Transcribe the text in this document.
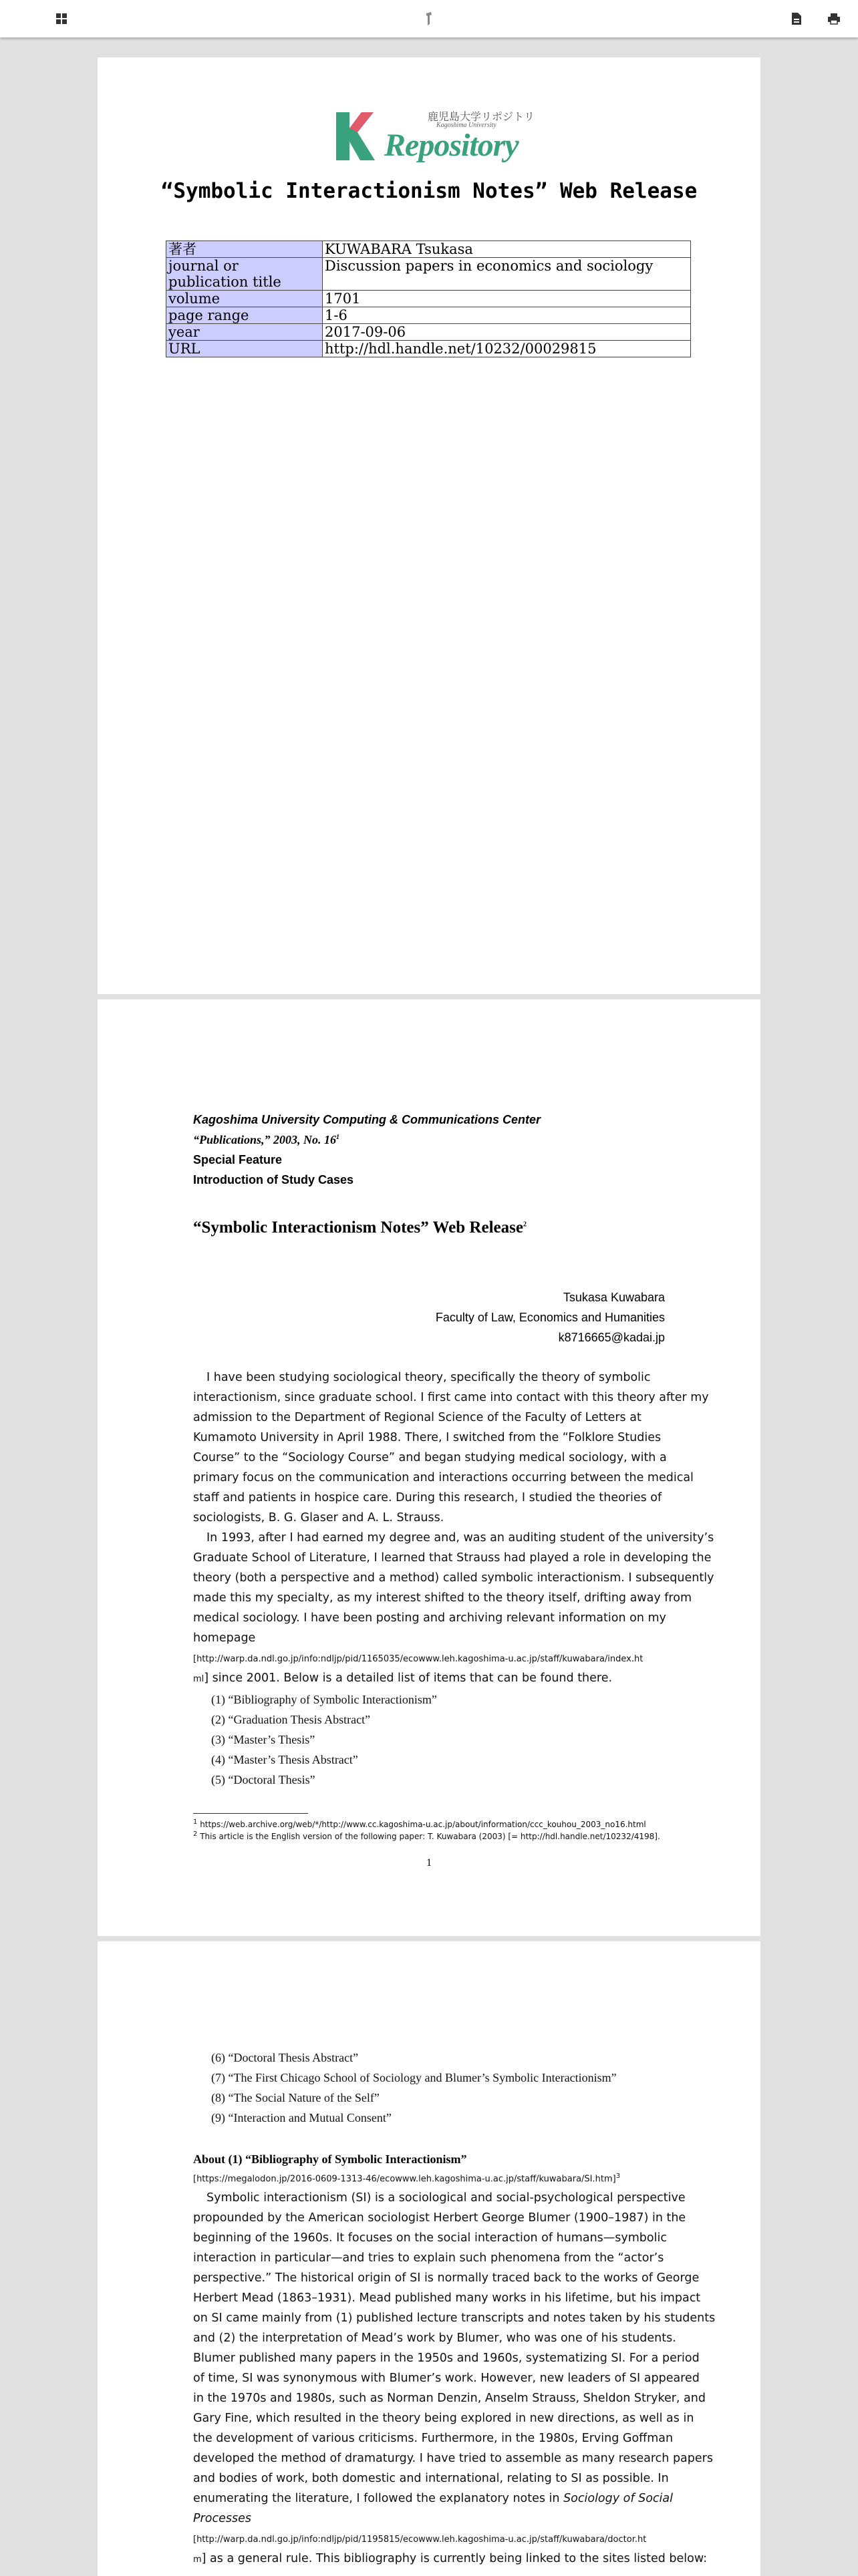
鹿児島大学リポジトリ
Kagoshima University
Repository
“Symbolic Interactionism Notes” Web Release
著者	KUWABARA Tsukasa
journal or publication title	Discussion papers in economics and sociology
volume	1701
page range	1-6
year	2017-09-06
URL	http://hdl.handle.net/10232/00029815
Kagoshima University Computing & Communications Center
“Publications,” 2003, No. $16^1$
Special Feature
Introduction of Study Cases
“Symbolic Interactionism Notes” Web Release$^2$
Tsukasa Kuwabara
Faculty of Law, Economics and Humanities
k8716665@kadai.jp
I have been studying sociological theory, specifically the theory of symbolic
interactionism, since graduate school. I first came into contact with this theory after my
admission to the Department of Regional Science of the Faculty of Letters at
Kumamoto University in April 1988. There, I switched from the “Folklore Studies
Course” to the “Sociology Course” and began studying medical sociology, with a
primary focus on the communication and interactions occurring between the medical
staff and patients in hospice care. During this research, I studied the theories of
sociologists, B. G. Glaser and A. L. Strauss.
In 1993, after I had earned my degree and, was an auditing student of the university’s
Graduate School of Literature, I learned that Strauss had played a role in developing the
theory (both a perspective and a method) called symbolic interactionism. I subsequently
made this my specialty, as my interest shifted to the theory itself, drifting away from
medical sociology. I have been posting and archiving relevant information on my
homepage
[http://warp.da.ndl.go.jp/info:ndljp/pid/1165035/ecowww.leh.kagoshima-u.ac.jp/staff/kuwabara/index.ht
ml] since 2001. Below is a detailed list of items that can be found there.
(1) “Bibliography of Symbolic Interactionism”
(2) “Graduation Thesis Abstract”
(3) “Master’s Thesis”
(4) “Master’s Thesis Abstract”
(5) “Doctoral Thesis”
$^1$ https://web.archive.org/web/*/http://www.cc.kagoshima-u.ac.jp/about/information/ccc_kouhou_2003_no16.html
$^2$ This article is the English version of the following paper: T. Kuwabara (2003) [= http://hdl.handle.net/10232/4198].
1
(6) “Doctoral Thesis Abstract”
(7) “The First Chicago School of Sociology and Blumer’s Symbolic Interactionism”
(8) “The Social Nature of the Self”
(9) “Interaction and Mutual Consent”
About (1) “Bibliography of Symbolic Interactionism”
[https://megalodon.jp/2016-0609-1313-46/ecowww.leh.kagoshima-u.ac.jp/staff/kuwabara/SI.htm]$^3$
Symbolic interactionism (SI) is a sociological and social-psychological perspective
propounded by the American sociologist Herbert George Blumer (1900–1987) in the
beginning of the 1960s. It focuses on the social interaction of humans—symbolic
interaction in particular—and tries to explain such phenomena from the “actor’s
perspective.” The historical origin of SI is normally traced back to the works of George
Herbert Mead (1863–1931). Mead published many works in his lifetime, but his impact
on SI came mainly from (1) published lecture transcripts and notes taken by his students
and (2) the interpretation of Mead’s work by Blumer, who was one of his students.
Blumer published many papers in the 1950s and 1960s, systematizing SI. For a period
of time, SI was synonymous with Blumer’s work. However, new leaders of SI appeared
in the 1970s and 1980s, such as Norman Denzin, Anselm Strauss, Sheldon Stryker, and
Gary Fine, which resulted in the theory being explored in new directions, as well as in
the development of various criticisms. Furthermore, in the 1980s, Erving Goffman
developed the method of dramaturgy. I have tried to assemble as many research papers
and bodies of work, both domestic and international, relating to SI as possible. In
enumerating the literature, I followed the explanatory notes in Sociology of Social
Processes
[http://warp.da.ndl.go.jp/info:ndljp/pid/1195815/ecowww.leh.kagoshima-u.ac.jp/staff/kuwabara/doctor.ht
m] as a general rule. This bibliography is currently being linked to the sites listed below:
